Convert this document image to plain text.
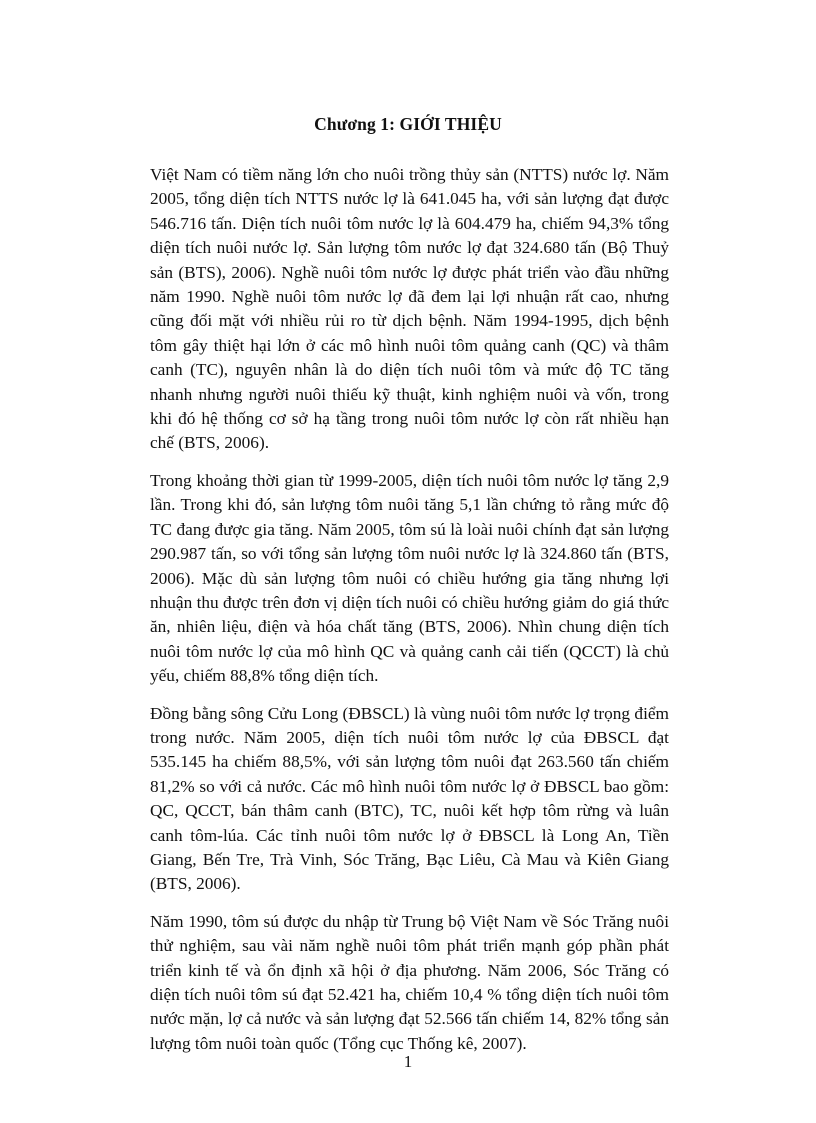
Chương 1: GIỚI THIỆU

Việt Nam có tiềm năng lớn cho nuôi trồng thủy sản (NTTS) nước lợ. Năm 2005, tổng diện tích NTTS nước lợ là 641.045 ha, với sản lượng đạt được 546.716 tấn. Diện tích nuôi tôm nước lợ là 604.479 ha, chiếm 94,3% tổng diện tích nuôi nước lợ. Sản lượng tôm nước lợ đạt 324.680 tấn (Bộ Thuỷ sản (BTS), 2006). Nghề nuôi tôm nước lợ được phát triển vào đầu những năm 1990. Nghề nuôi tôm nước lợ đã đem lại lợi nhuận rất cao, nhưng cũng đối mặt với nhiều rủi ro từ dịch bệnh. Năm 1994-1995, dịch bệnh tôm gây thiệt hại lớn ở các mô hình nuôi tôm quảng canh (QC) và thâm canh (TC), nguyên nhân là do diện tích nuôi tôm và mức độ TC tăng nhanh nhưng người nuôi thiếu kỹ thuật, kinh nghiệm nuôi và vốn, trong khi đó hệ thống cơ sở hạ tầng trong nuôi tôm nước lợ còn rất nhiều hạn chế (BTS, 2006).

Trong khoảng thời gian từ 1999-2005, diện tích nuôi tôm nước lợ tăng 2,9 lần. Trong khi đó, sản lượng tôm nuôi tăng 5,1 lần chứng tỏ rằng mức độ TC đang được gia tăng. Năm 2005, tôm sú là loài nuôi chính đạt sản lượng 290.987 tấn, so với tổng sản lượng tôm nuôi nước lợ là 324.860 tấn (BTS, 2006). Mặc dù sản lượng tôm nuôi có chiều hướng gia tăng nhưng lợi nhuận thu được trên đơn vị diện tích nuôi có chiều hướng giảm do giá thức ăn, nhiên liệu, điện và hóa chất tăng (BTS, 2006). Nhìn chung diện tích nuôi tôm nước lợ của mô hình QC và quảng canh cải tiến (QCCT) là chủ yếu, chiếm 88,8% tổng diện tích.

Đồng bằng sông Cửu Long (ĐBSCL) là vùng nuôi tôm nước lợ trọng điểm trong nước. Năm 2005, diện tích nuôi tôm nước lợ của ĐBSCL đạt 535.145 ha chiếm 88,5%, với sản lượng tôm nuôi đạt 263.560 tấn chiếm 81,2% so với cả nước. Các mô hình nuôi tôm nước lợ ở ĐBSCL bao gồm: QC, QCCT, bán thâm canh (BTC), TC, nuôi kết hợp tôm rừng và luân canh tôm-lúa. Các tỉnh nuôi tôm nước lợ ở ĐBSCL là Long An, Tiền Giang, Bến Tre, Trà Vinh, Sóc Trăng, Bạc Liêu, Cà Mau và Kiên Giang (BTS, 2006).

Năm 1990, tôm sú được du nhập từ Trung bộ Việt Nam về Sóc Trăng nuôi thử nghiệm, sau vài năm nghề nuôi tôm phát triển mạnh góp phần phát triển kinh tế và ổn định xã hội ở địa phương. Năm 2006, Sóc Trăng có diện tích nuôi tôm sú đạt 52.421 ha, chiếm 10,4 % tổng diện tích nuôi tôm nước mặn, lợ cả nước và sản lượng đạt 52.566 tấn chiếm 14, 82% tổng sản lượng tôm nuôi toàn quốc (Tổng cục Thống kê, 2007).

1
